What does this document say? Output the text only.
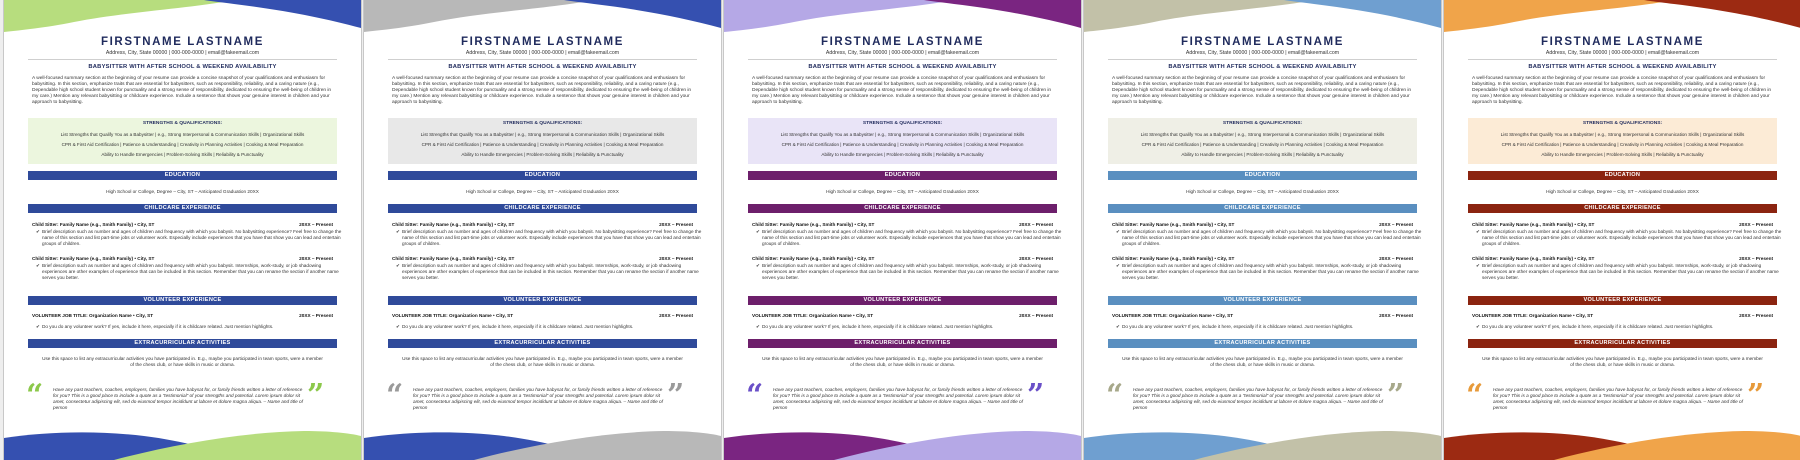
FIRSTNAME LASTNAME
Address, City, State 00000 | 000-000-0000 | email@fakeemail.com
BABYSITTER WITH AFTER SCHOOL & WEEKEND AVAILABILITY
A well-focused summary section at the beginning of your resume can provide a concise snapshot of your qualifications and enthusiasm for babysitting. In this section, emphasize traits that are essential for babysitters, such as responsibility, reliability, and a caring nature (e.g., Dependable high school student known for punctuality and a strong sense of responsibility, dedicated to ensuring the well-being of children in my care.) Mention any relevant babysitting or childcare experience. Include a sentence that shows your genuine interest in children and your approach to babysitting.
STRENGTHS & QUALIFICATIONS:
List Strengths that Qualify You as a Babysitter | e.g., Strong Interpersonal & Communication Skills | Organizational Skills
CPR & First Aid Certification | Patience & Understanding | Creativity in Planning Activities | Cooking & Meal Preparation
Ability to Handle Emergencies | Problem-Solving Skills | Reliability & Punctuality
EDUCATION
High School or College, Degree – City, ST – Anticipated Graduation 20XX
CHILDCARE EXPERIENCE
Child Sitter: Family Name (e.g., Smith Family) • City, ST	20XX – Present
✔ Brief description such as number and ages of children and frequency with which you babysit. No babysitting experience? Feel free to change the name of this section and list part-time jobs or volunteer work. Especially include experiences that you have that show you can lead and entertain groups of children.
Child Sitter: Family Name (e.g., Smith Family) • City, ST	20XX – Present
✔ Brief description such as number and ages of children and frequency with which you babysit. Internships, work-study, or job shadowing experiences are other examples of experience that can be included in this section. Remember that you can rename the section if another name serves you better.
VOLUNTEER EXPERIENCE
VOLUNTEER JOB TITLE: Organization Name • City, ST	20XX – Present
✔ Do you do any volunteer work? If yes, include it here, especially if it is childcare related. Just mention highlights.
EXTRACURRICULAR ACTIVITIES
Use this space to list any extracurricular activities you have participated in. E.g., maybe you participated in team sports, were a member of the chess club, or have skills in music or drama.
“ Have any past teachers, coaches, employers, families you have babysat for, or family friends written a letter of reference for you? This is a good place to include a quote as a “testimonial” of your strengths and potential. Lorem ipsum dolor sit amet, consectetur adipiscing elit, sed do eiusmod tempor incididunt ut labore et dolore magna aliqua. – Name and title of person	”
FIRSTNAME LASTNAME
Address, City, State 00000 | 000-000-0000 | email@fakeemail.com
BABYSITTER WITH AFTER SCHOOL & WEEKEND AVAILABILITY
A well-focused summary section at the beginning of your resume can provide a concise snapshot of your qualifications and enthusiasm for babysitting. In this section, emphasize traits that are essential for babysitters, such as responsibility, reliability, and a caring nature (e.g., Dependable high school student known for punctuality and a strong sense of responsibility, dedicated to ensuring the well-being of children in my care.) Mention any relevant babysitting or childcare experience. Include a sentence that shows your genuine interest in children and your approach to babysitting.
STRENGTHS & QUALIFICATIONS:
List Strengths that Qualify You as a Babysitter | e.g., Strong Interpersonal & Communication Skills | Organizational Skills
CPR & First Aid Certification | Patience & Understanding | Creativity in Planning Activities | Cooking & Meal Preparation
Ability to Handle Emergencies | Problem-Solving Skills | Reliability & Punctuality
EDUCATION
High School or College, Degree – City, ST – Anticipated Graduation 20XX
CHILDCARE EXPERIENCE
Child Sitter: Family Name (e.g., Smith Family) • City, ST	20XX – Present
✔ Brief description such as number and ages of children and frequency with which you babysit. No babysitting experience? Feel free to change the name of this section and list part-time jobs or volunteer work. Especially include experiences that you have that show you can lead and entertain groups of children.
Child Sitter: Family Name (e.g., Smith Family) • City, ST	20XX – Present
✔ Brief description such as number and ages of children and frequency with which you babysit. Internships, work-study, or job shadowing experiences are other examples of experience that can be included in this section. Remember that you can rename the section if another name serves you better.
VOLUNTEER EXPERIENCE
VOLUNTEER JOB TITLE: Organization Name • City, ST	20XX – Present
✔ Do you do any volunteer work? If yes, include it here, especially if it is childcare related. Just mention highlights.
EXTRACURRICULAR ACTIVITIES
Use this space to list any extracurricular activities you have participated in. E.g., maybe you participated in team sports, were a member of the chess club, or have skills in music or drama.
“ Have any past teachers, coaches, employers, families you have babysat for, or family friends written a letter of reference for you? This is a good place to include a quote as a “testimonial” of your strengths and potential. Lorem ipsum dolor sit amet, consectetur adipiscing elit, sed do eiusmod tempor incididunt ut labore et dolore magna aliqua. – Name and title of person	”
FIRSTNAME LASTNAME
Address, City, State 00000 | 000-000-0000 | email@fakeemail.com
BABYSITTER WITH AFTER SCHOOL & WEEKEND AVAILABILITY
A well-focused summary section at the beginning of your resume can provide a concise snapshot of your qualifications and enthusiasm for babysitting. In this section, emphasize traits that are essential for babysitters, such as responsibility, reliability, and a caring nature (e.g., Dependable high school student known for punctuality and a strong sense of responsibility, dedicated to ensuring the well-being of children in my care.) Mention any relevant babysitting or childcare experience. Include a sentence that shows your genuine interest in children and your approach to babysitting.
STRENGTHS & QUALIFICATIONS:
List Strengths that Qualify You as a Babysitter | e.g., Strong Interpersonal & Communication Skills | Organizational Skills
CPR & First Aid Certification | Patience & Understanding | Creativity in Planning Activities | Cooking & Meal Preparation
Ability to Handle Emergencies | Problem-Solving Skills | Reliability & Punctuality
EDUCATION
High School or College, Degree – City, ST – Anticipated Graduation 20XX
CHILDCARE EXPERIENCE
Child Sitter: Family Name (e.g., Smith Family) • City, ST	20XX – Present
✔ Brief description such as number and ages of children and frequency with which you babysit. No babysitting experience? Feel free to change the name of this section and list part-time jobs or volunteer work. Especially include experiences that you have that show you can lead and entertain groups of children.
Child Sitter: Family Name (e.g., Smith Family) • City, ST	20XX – Present
✔ Brief description such as number and ages of children and frequency with which you babysit. Internships, work-study, or job shadowing experiences are other examples of experience that can be included in this section. Remember that you can rename the section if another name serves you better.
VOLUNTEER EXPERIENCE
VOLUNTEER JOB TITLE: Organization Name • City, ST	20XX – Present
✔ Do you do any volunteer work? If yes, include it here, especially if it is childcare related. Just mention highlights.
EXTRACURRICULAR ACTIVITIES
Use this space to list any extracurricular activities you have participated in. E.g., maybe you participated in team sports, were a member of the chess club, or have skills in music or drama.
“ Have any past teachers, coaches, employers, families you have babysat for, or family friends written a letter of reference for you? This is a good place to include a quote as a “testimonial” of your strengths and potential. Lorem ipsum dolor sit amet, consectetur adipiscing elit, sed do eiusmod tempor incididunt ut labore et dolore magna aliqua. – Name and title of person	”
FIRSTNAME LASTNAME
Address, City, State 00000 | 000-000-0000 | email@fakeemail.com
BABYSITTER WITH AFTER SCHOOL & WEEKEND AVAILABILITY
A well-focused summary section at the beginning of your resume can provide a concise snapshot of your qualifications and enthusiasm for babysitting. In this section, emphasize traits that are essential for babysitters, such as responsibility, reliability, and a caring nature (e.g., Dependable high school student known for punctuality and a strong sense of responsibility, dedicated to ensuring the well-being of children in my care.) Mention any relevant babysitting or childcare experience. Include a sentence that shows your genuine interest in children and your approach to babysitting.
STRENGTHS & QUALIFICATIONS:
List Strengths that Qualify You as a Babysitter | e.g., Strong Interpersonal & Communication Skills | Organizational Skills
CPR & First Aid Certification | Patience & Understanding | Creativity in Planning Activities | Cooking & Meal Preparation
Ability to Handle Emergencies | Problem-Solving Skills | Reliability & Punctuality
EDUCATION
High School or College, Degree – City, ST – Anticipated Graduation 20XX
CHILDCARE EXPERIENCE
Child Sitter: Family Name (e.g., Smith Family) • City, ST	20XX – Present
✔ Brief description such as number and ages of children and frequency with which you babysit. No babysitting experience? Feel free to change the name of this section and list part-time jobs or volunteer work. Especially include experiences that you have that show you can lead and entertain groups of children.
Child Sitter: Family Name (e.g., Smith Family) • City, ST	20XX – Present
✔ Brief description such as number and ages of children and frequency with which you babysit. Internships, work-study, or job shadowing experiences are other examples of experience that can be included in this section. Remember that you can rename the section if another name serves you better.
VOLUNTEER EXPERIENCE
VOLUNTEER JOB TITLE: Organization Name • City, ST	20XX – Present
✔ Do you do any volunteer work? If yes, include it here, especially if it is childcare related. Just mention highlights.
EXTRACURRICULAR ACTIVITIES
Use this space to list any extracurricular activities you have participated in. E.g., maybe you participated in team sports, were a member of the chess club, or have skills in music or drama.
“ Have any past teachers, coaches, employers, families you have babysat for, or family friends written a letter of reference for you? This is a good place to include a quote as a “testimonial” of your strengths and potential. Lorem ipsum dolor sit amet, consectetur adipiscing elit, sed do eiusmod tempor incididunt ut labore et dolore magna aliqua. – Name and title of person	”
FIRSTNAME LASTNAME
Address, City, State 00000 | 000-000-0000 | email@fakeemail.com
BABYSITTER WITH AFTER SCHOOL & WEEKEND AVAILABILITY
A well-focused summary section at the beginning of your resume can provide a concise snapshot of your qualifications and enthusiasm for babysitting. In this section, emphasize traits that are essential for babysitters, such as responsibility, reliability, and a caring nature (e.g., Dependable high school student known for punctuality and a strong sense of responsibility, dedicated to ensuring the well-being of children in my care.) Mention any relevant babysitting or childcare experience. Include a sentence that shows your genuine interest in children and your approach to babysitting.
STRENGTHS & QUALIFICATIONS:
List Strengths that Qualify You as a Babysitter | e.g., Strong Interpersonal & Communication Skills | Organizational Skills
CPR & First Aid Certification | Patience & Understanding | Creativity in Planning Activities | Cooking & Meal Preparation
Ability to Handle Emergencies | Problem-Solving Skills | Reliability & Punctuality
EDUCATION
High School or College, Degree – City, ST – Anticipated Graduation 20XX
CHILDCARE EXPERIENCE
Child Sitter: Family Name (e.g., Smith Family) • City, ST	20XX – Present
✔ Brief description such as number and ages of children and frequency with which you babysit. No babysitting experience? Feel free to change the name of this section and list part-time jobs or volunteer work. Especially include experiences that you have that show you can lead and entertain groups of children.
Child Sitter: Family Name (e.g., Smith Family) • City, ST	20XX – Present
✔ Brief description such as number and ages of children and frequency with which you babysit. Internships, work-study, or job shadowing experiences are other examples of experience that can be included in this section. Remember that you can rename the section if another name serves you better.
VOLUNTEER EXPERIENCE
VOLUNTEER JOB TITLE: Organization Name • City, ST	20XX – Present
✔ Do you do any volunteer work? If yes, include it here, especially if it is childcare related. Just mention highlights.
EXTRACURRICULAR ACTIVITIES
Use this space to list any extracurricular activities you have participated in. E.g., maybe you participated in team sports, were a member of the chess club, or have skills in music or drama.
“ Have any past teachers, coaches, employers, families you have babysat for, or family friends written a letter of reference for you? This is a good place to include a quote as a “testimonial” of your strengths and potential. Lorem ipsum dolor sit amet, consectetur adipiscing elit, sed do eiusmod tempor incididunt ut labore et dolore magna aliqua. – Name and title of person	”
